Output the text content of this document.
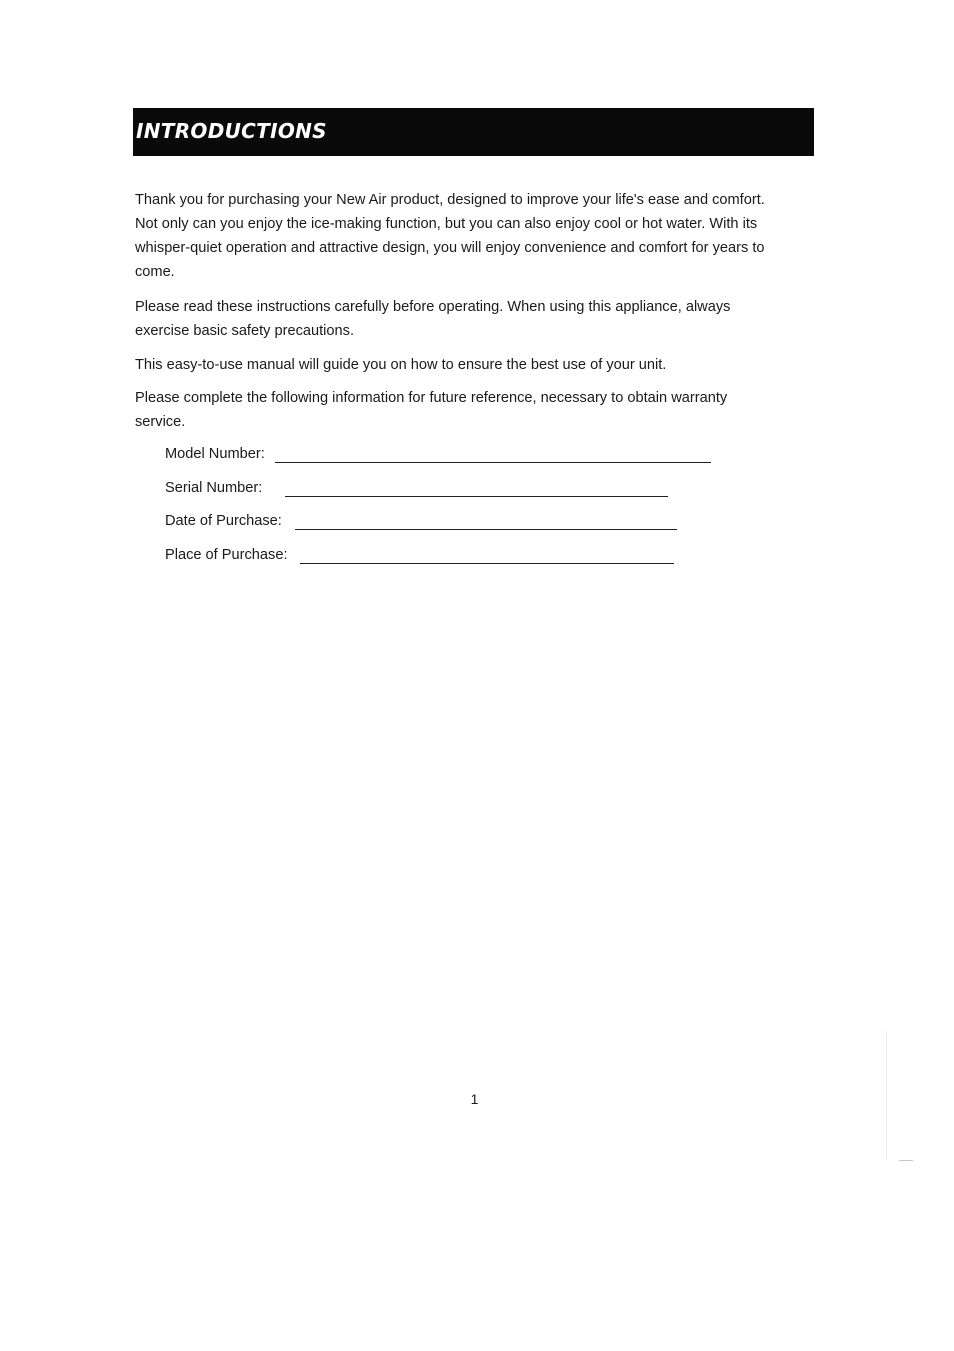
INTRODUCTIONS

Thank you for purchasing your New Air product, designed to improve your life's ease and comfort. Not only can you enjoy the ice-making function, but you can also enjoy cool or hot water. With its whisper-quiet operation and attractive design, you will enjoy convenience and comfort for years to come.

Please read these instructions carefully before operating. When using this appliance, always exercise basic safety precautions.

This easy-to-use manual will guide you on how to ensure the best use of your unit.

Please complete the following information for future reference, necessary to obtain warranty service.

Model Number:
Serial Number:
Date of Purchase:
Place of Purchase:
1
